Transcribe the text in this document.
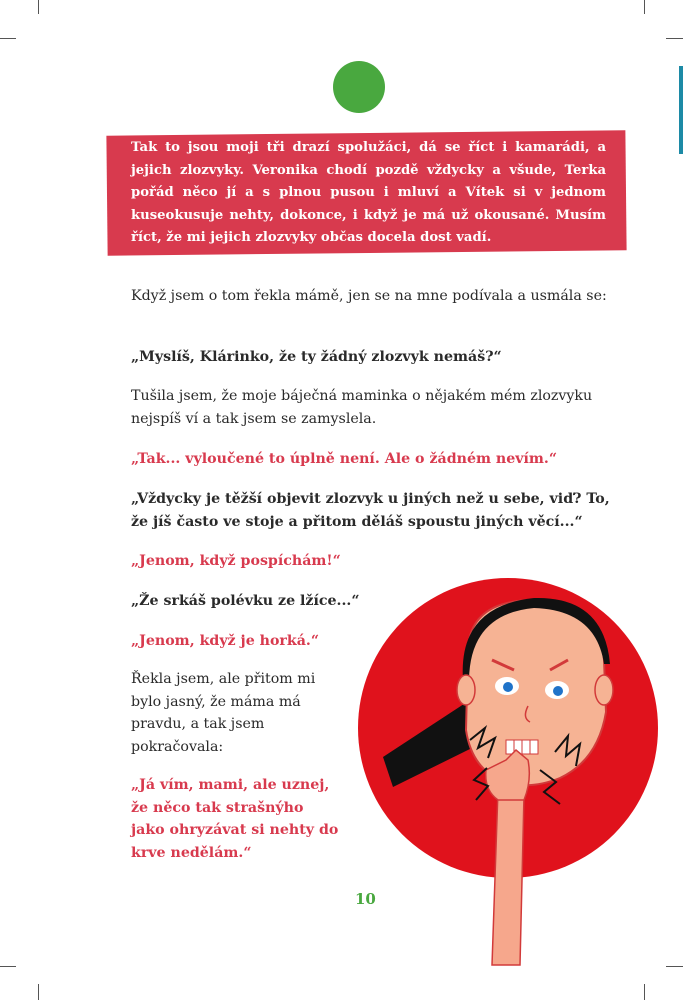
Tak to jsou moji tři drazí spolužáci, dá se říct i kamarádi, a jejich zlozvyky. Veronika chodí pozdě vždycky a všude, Terka pořád něco jí a s plnou pusou i mluví a Vítek si v jednom kuseokusuje nehty, dokonce, i když je má už okousané. Musím říct, že mi jejich zlozvyky občas docela dost vadí.
Když jsem o tom řekla mámě, jen se na mne podívala a usmála se:
„Myslíš, Klárinko, že ty žádný zlozvyk nemáš?“
Tušila jsem, že moje báječná maminka o nějakém mém zlozvyku nejspíš ví a tak jsem se zamyslela.
„Tak... vyloučené to úplně není. Ale o žádném nevím.“
„Vždycky je těžší objevit zlozvyk u jiných než u sebe, viď? To, že jíš často ve stoje a přitom děláš spoustu jiných věcí...“
„Jenom, když pospíchám!“
„Že srkáš polévku ze lžíce...“
„Jenom, když je horká.“
Řekla jsem, ale přitom mi bylo jasný, že máma má pravdu, a tak jsem pokračovala:
„Já vím, mami, ale uznej, že něco tak strašnýho jako ohryzávat si nehty do krve nedělám.“
10
